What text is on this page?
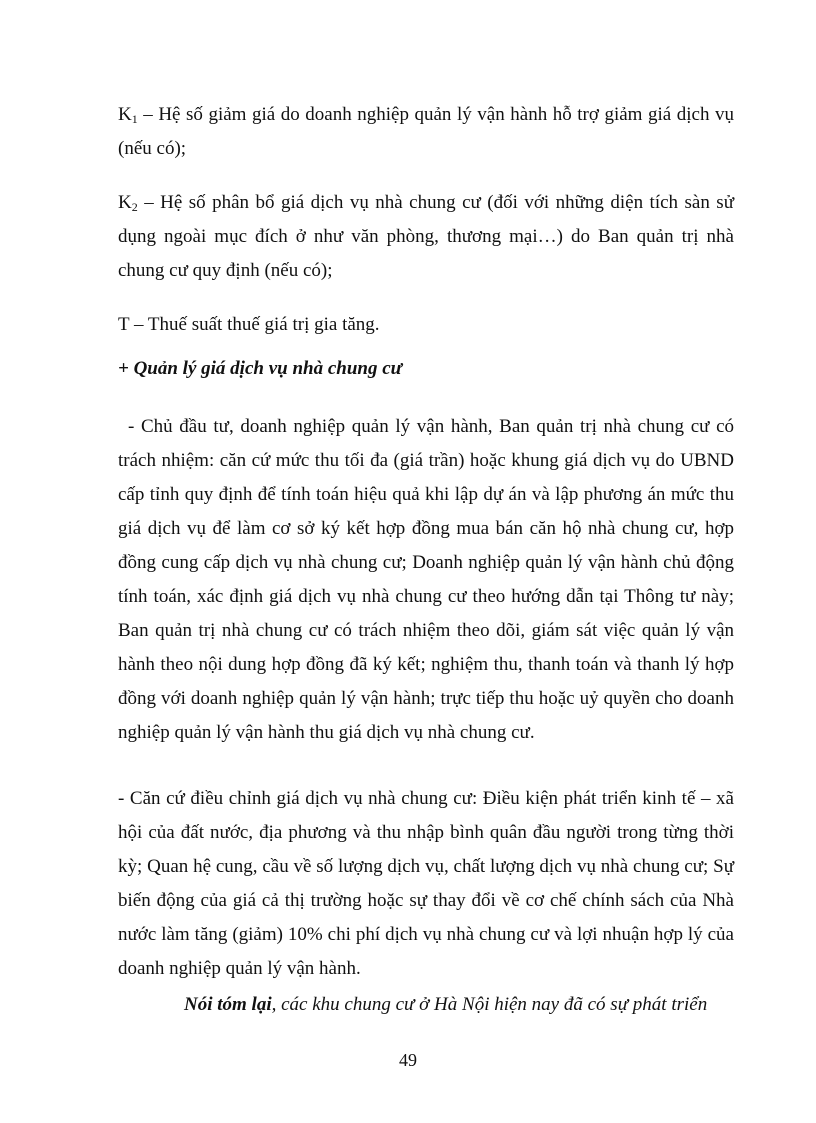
$K_1$ – Hệ số giảm giá do doanh nghiệp quản lý vận hành hỗ trợ giảm giá dịch vụ (nếu có);

$K_2$ – Hệ số phân bổ giá dịch vụ nhà chung cư (đối với những diện tích sàn sử dụng ngoài mục đích ở như văn phòng, thương mại…) do Ban quản trị nhà chung cư quy định (nếu có);

T – Thuế suất thuế giá trị gia tăng.

+ Quản lý giá dịch vụ nhà chung cư

- Chủ đầu tư, doanh nghiệp quản lý vận hành, Ban quản trị nhà chung cư có trách nhiệm: căn cứ mức thu tối đa (giá trần) hoặc khung giá dịch vụ do UBND cấp tỉnh quy định để tính toán hiệu quả khi lập dự án và lập phương án mức thu giá dịch vụ để làm cơ sở ký kết hợp đồng mua bán căn hộ nhà chung cư, hợp đồng cung cấp dịch vụ nhà chung cư; Doanh nghiệp quản lý vận hành chủ động tính toán, xác định giá dịch vụ nhà chung cư theo hướng dẫn tại Thông tư này; Ban quản trị nhà chung cư có trách nhiệm theo dõi, giám sát việc quản lý vận hành theo nội dung hợp đồng đã ký kết; nghiệm thu, thanh toán và thanh lý hợp đồng với doanh nghiệp quản lý vận hành; trực tiếp thu hoặc uỷ quyền cho doanh nghiệp quản lý vận hành thu giá dịch vụ nhà chung cư.

- Căn cứ điều chỉnh giá dịch vụ nhà chung cư: Điều kiện phát triển kinh tế – xã hội của đất nước, địa phương và thu nhập bình quân đầu người trong từng thời kỳ; Quan hệ cung, cầu về số lượng dịch vụ, chất lượng dịch vụ nhà chung cư; Sự biến động của giá cả thị trường hoặc sự thay đổi về cơ chế chính sách của Nhà nước làm tăng (giảm) 10% chi phí dịch vụ nhà chung cư và lợi nhuận hợp lý của doanh nghiệp quản lý vận hành.

Nói tóm lại, các khu chung cư ở Hà Nội hiện nay đã có sự phát triển

49
